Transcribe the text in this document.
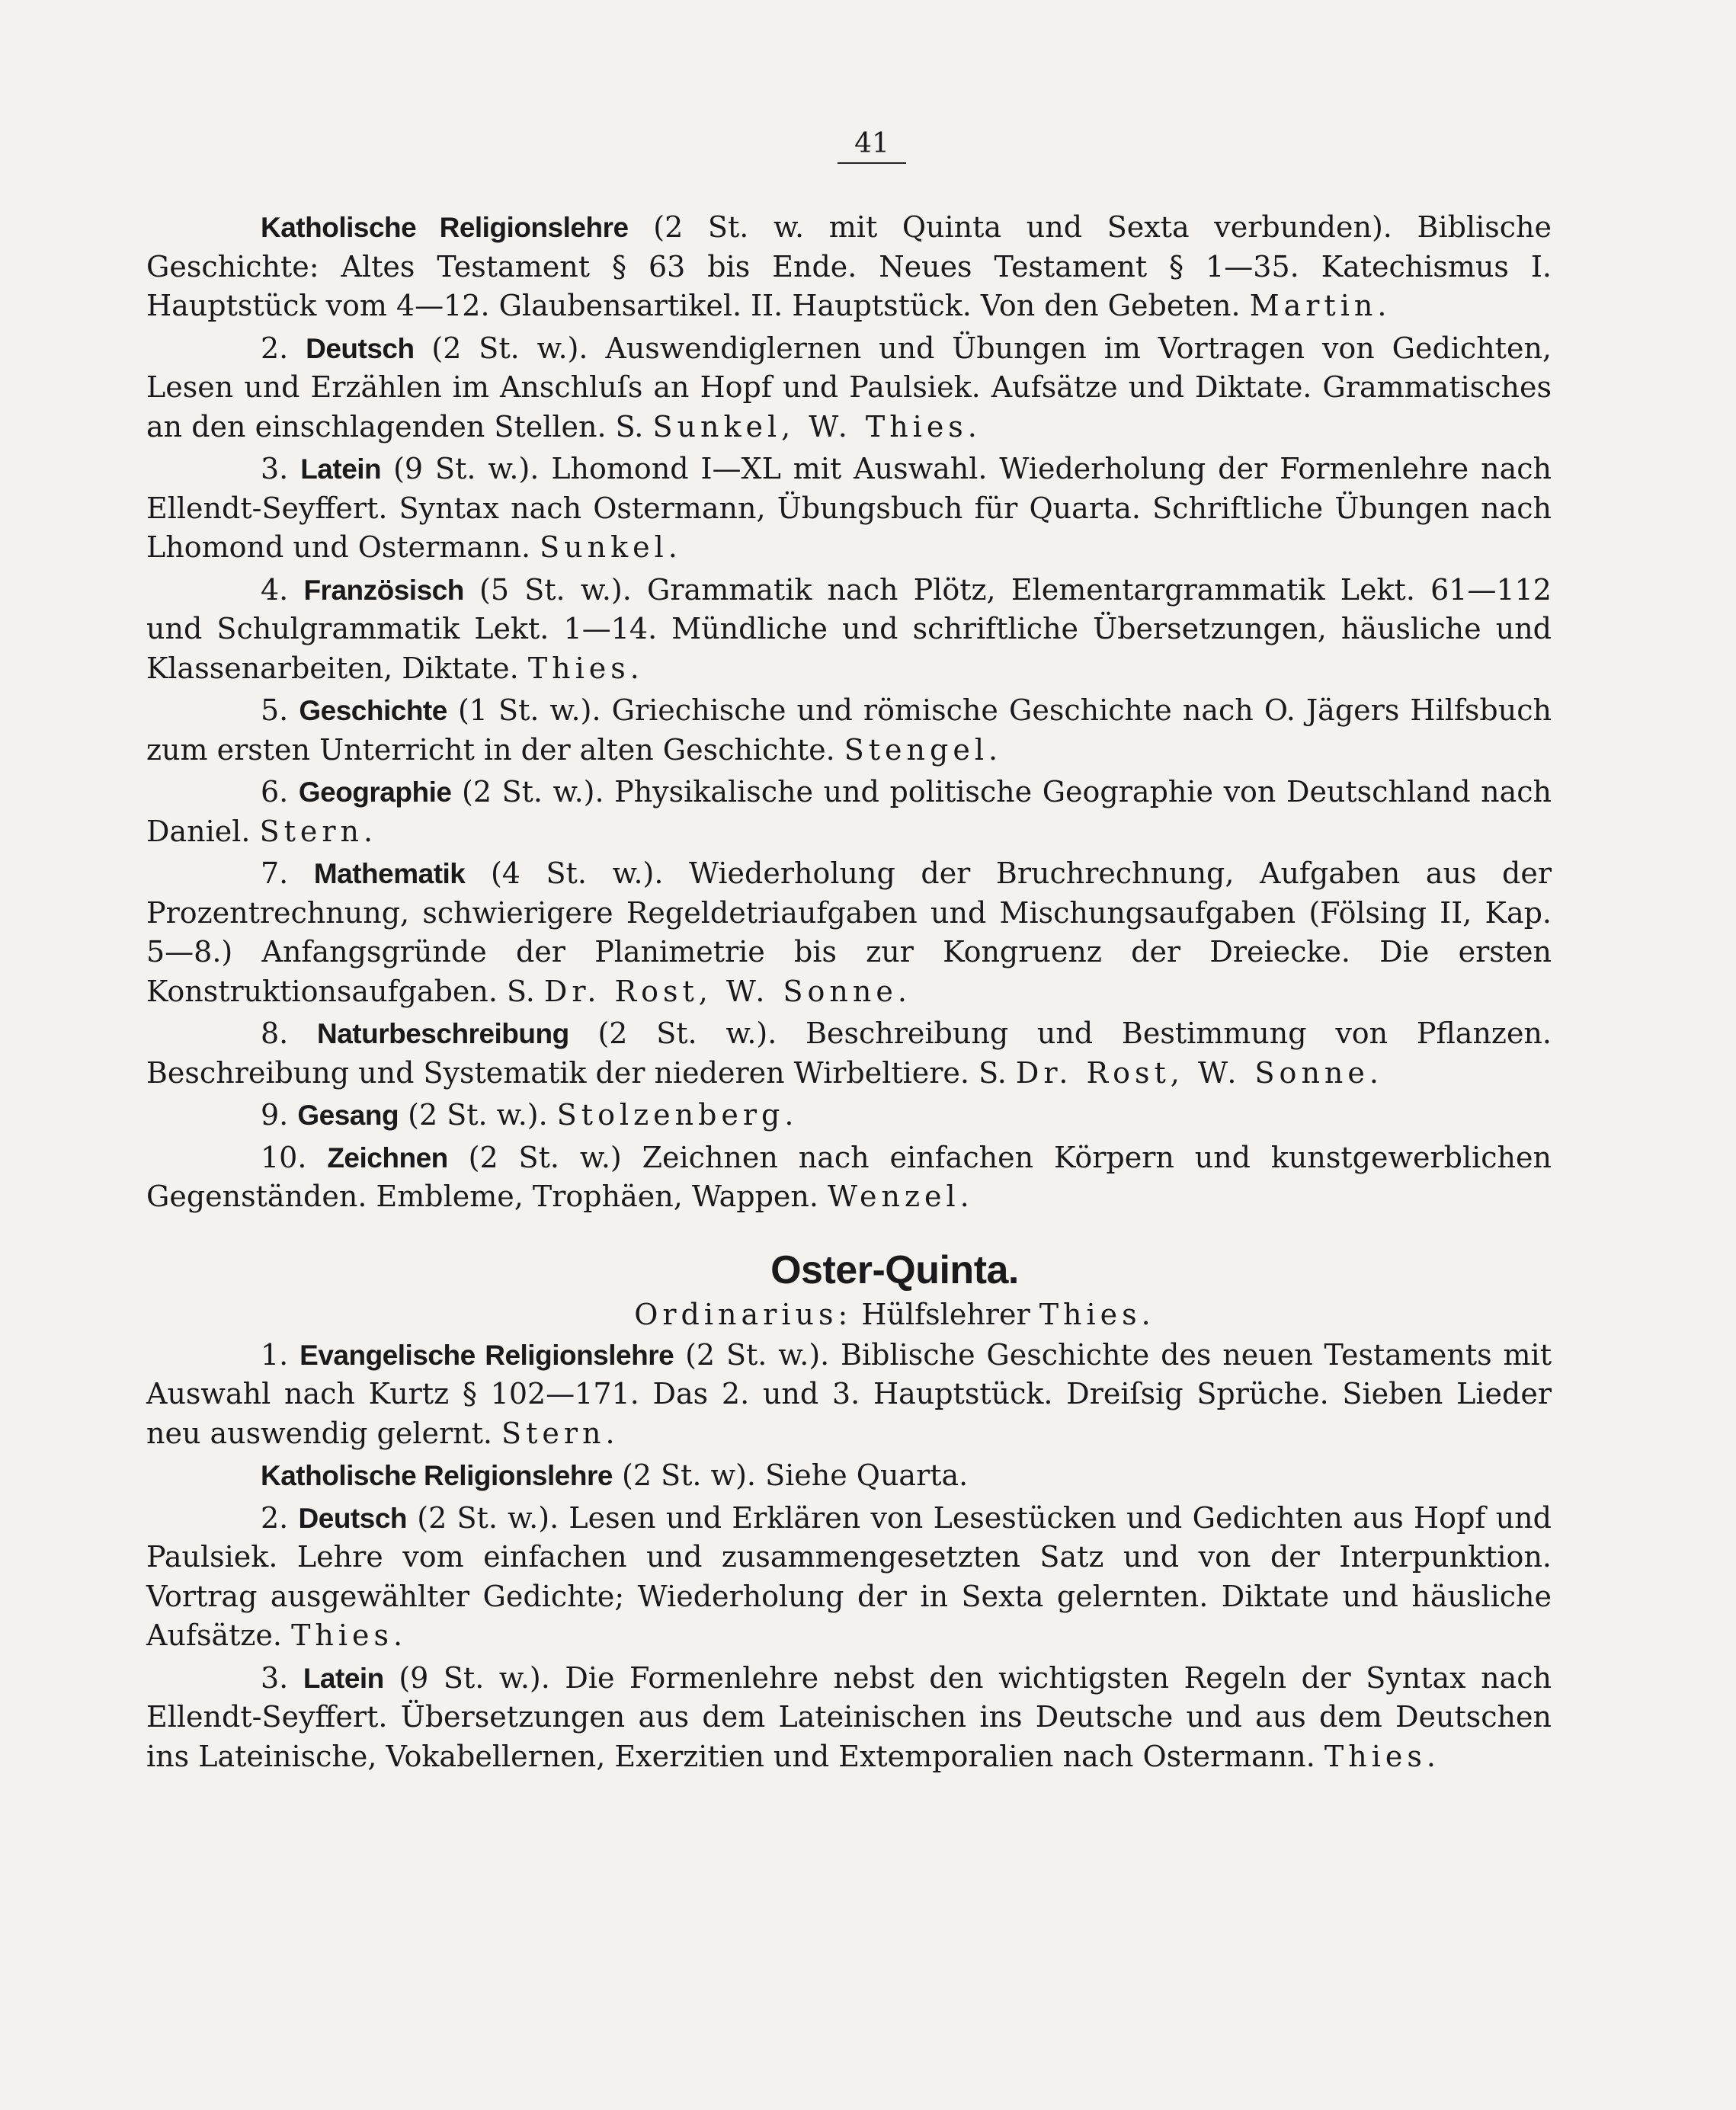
41

Katholische Religionslehre (2 St. w. mit Quinta und Sexta verbunden). Biblische Geschichte: Altes Testament § 63 bis Ende. Neues Testament § 1—35. Katechismus I. Hauptstück vom 4—12. Glaubensartikel. II. Hauptstück. Von den Gebeten. Martin.

2. Deutsch (2 St. w.). Auswendiglernen und Übungen im Vortragen von Gedichten, Lesen und Erzählen im Anschluſs an Hopf und Paulsiek. Aufsätze und Diktate. Grammatisches an den einschlagenden Stellen. S. Sunkel, W. Thies.

3. Latein (9 St. w.). Lhomond I—XL mit Auswahl. Wiederholung der Formenlehre nach Ellendt-Seyffert. Syntax nach Ostermann, Übungsbuch für Quarta. Schriftliche Übungen nach Lhomond und Ostermann. Sunkel.

4. Französisch (5 St. w.). Grammatik nach Plötz, Elementargrammatik Lekt. 61—112 und Schulgrammatik Lekt. 1—14. Mündliche und schriftliche Übersetzungen, häusliche und Klassenarbeiten, Diktate. Thies.

5. Geschichte (1 St. w.). Griechische und römische Geschichte nach O. Jägers Hilfsbuch zum ersten Unterricht in der alten Geschichte. Stengel.

6. Geographie (2 St. w.). Physikalische und politische Geographie von Deutschland nach Daniel. Stern.

7. Mathematik (4 St. w.). Wiederholung der Bruchrechnung, Aufgaben aus der Prozentrechnung, schwierigere Regeldetriaufgaben und Mischungsaufgaben (Fölsing II, Kap. 5—8.) Anfangsgründe der Planimetrie bis zur Kongruenz der Dreiecke. Die ersten Konstruktionsaufgaben. S. Dr. Rost, W. Sonne.

8. Naturbeschreibung (2 St. w.). Beschreibung und Bestimmung von Pflanzen. Beschreibung und Systematik der niederen Wirbeltiere. S. Dr. Rost, W. Sonne.

9. Gesang (2 St. w.). Stolzenberg.

10. Zeichnen (2 St. w.) Zeichnen nach einfachen Körpern und kunstgewerblichen Gegenständen. Embleme, Trophäen, Wappen. Wenzel.

Oster-Quinta.
Ordinarius: Hülfslehrer Thies.

1. Evangelische Religionslehre (2 St. w.). Biblische Geschichte des neuen Testaments mit Auswahl nach Kurtz § 102—171. Das 2. und 3. Hauptstück. Dreiſsig Sprüche. Sieben Lieder neu auswendig gelernt. Stern.

Katholische Religionslehre (2 St. w). Siehe Quarta.

2. Deutsch (2 St. w.). Lesen und Erklären von Lesestücken und Gedichten aus Hopf und Paulsiek. Lehre vom einfachen und zusammengesetzten Satz und von der Interpunktion. Vortrag ausgewählter Gedichte; Wiederholung der in Sexta gelernten. Diktate und häusliche Aufsätze. Thies.

3. Latein (9 St. w.). Die Formenlehre nebst den wichtigsten Regeln der Syntax nach Ellendt-Seyffert. Übersetzungen aus dem Lateinischen ins Deutsche und aus dem Deutschen ins Lateinische, Vokabellernen, Exerzitien und Extemporalien nach Ostermann. Thies.
